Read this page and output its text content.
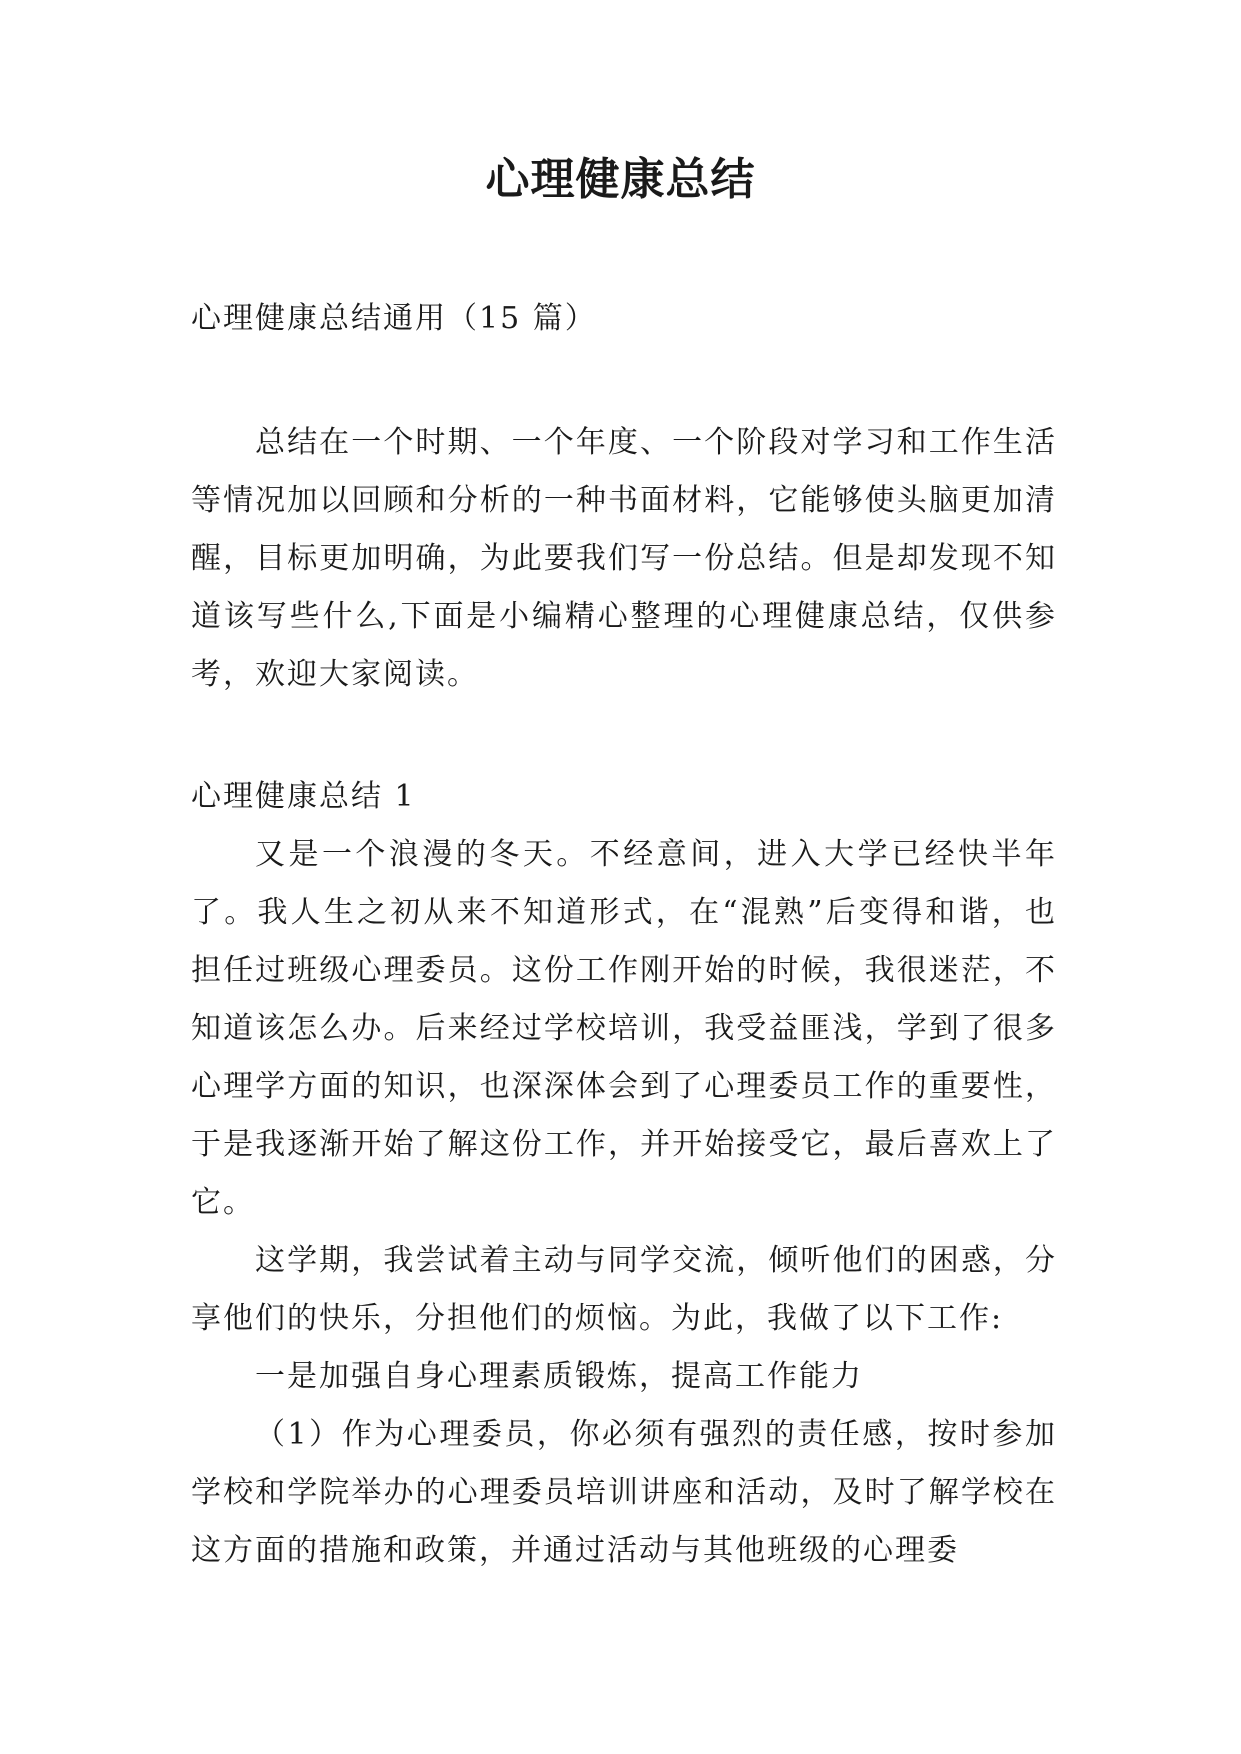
心理健康总结

心理健康总结通用（15 篇）

总结在一个时期、一个年度、一个阶段对学习和工作生活等情况加以回顾和分析的一种书面材料，它能够使头脑更加清醒，目标更加明确，为此要我们写一份总结。但是却发现不知道该写些什么,下面是小编精心整理的心理健康总结，仅供参考，欢迎大家阅读。

心理健康总结 1

又是一个浪漫的冬天。不经意间，进入大学已经快半年了。我人生之初从来不知道形式，在“混熟”后变得和谐，也担任过班级心理委员。这份工作刚开始的时候，我很迷茫，不知道该怎么办。后来经过学校培训，我受益匪浅，学到了很多心理学方面的知识，也深深体会到了心理委员工作的重要性，于是我逐渐开始了解这份工作，并开始接受它，最后喜欢上了它。

这学期，我尝试着主动与同学交流，倾听他们的困惑，分享他们的快乐，分担他们的烦恼。为此，我做了以下工作:

一是加强自身心理素质锻炼，提高工作能力

（1）作为心理委员，你必须有强烈的责任感，按时参加学校和学院举办的心理委员培训讲座和活动，及时了解学校在这方面的措施和政策，并通过活动与其他班级的心理委
